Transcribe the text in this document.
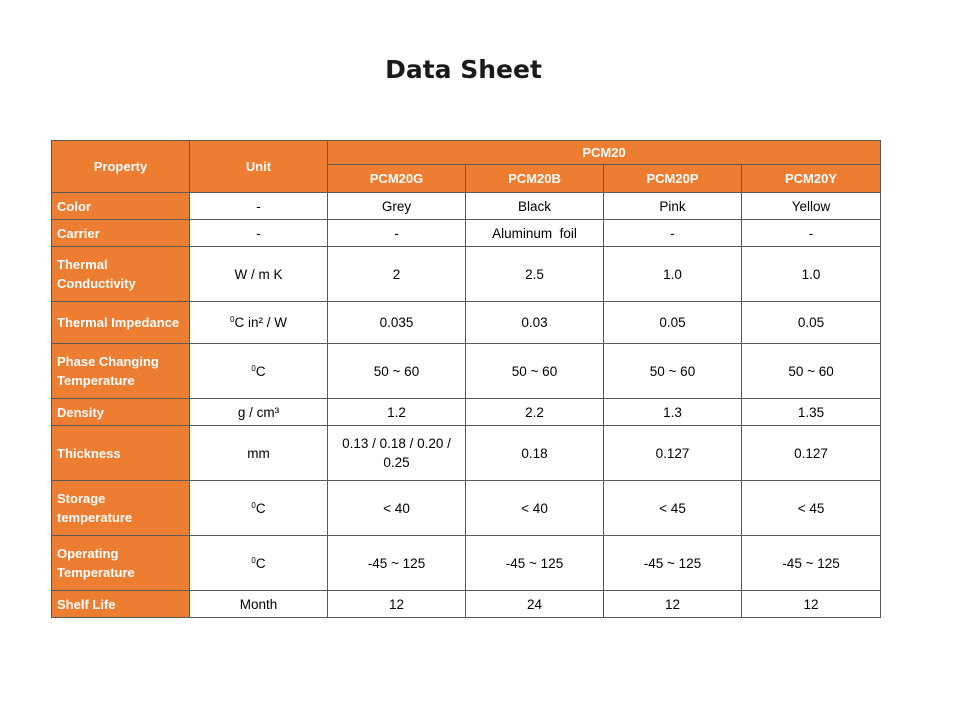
Data Sheet
Property	Unit	PCM20			
		PCM20G	PCM20B	PCM20P	PCM20Y
Color	-	Grey	Black	Pink	Yellow
Carrier	-	-	Aluminum  foil	-	-
Thermal Conductivity	W / m K	2	2.5	1.0	1.0
Thermal Impedance	$^0$C in² / W	0.035	0.03	0.05	0.05
Phase Changing Temperature	$^0$C	50 ~ 60	50 ~ 60	50 ~ 60	50 ~ 60
Density	g / cm³	1.2	2.2	1.3	1.35
Thickness	mm	0.13 / 0.18 / 0.20 / 0.25	0.18	0.127	0.127
Storage temperature	$^0$C	< 40	< 40	< 45	< 45
Operating Temperature	$^0$C	-45 ~ 125	-45 ~ 125	-45 ~ 125	-45 ~ 125
Shelf Life	Month	12	24	12	12
